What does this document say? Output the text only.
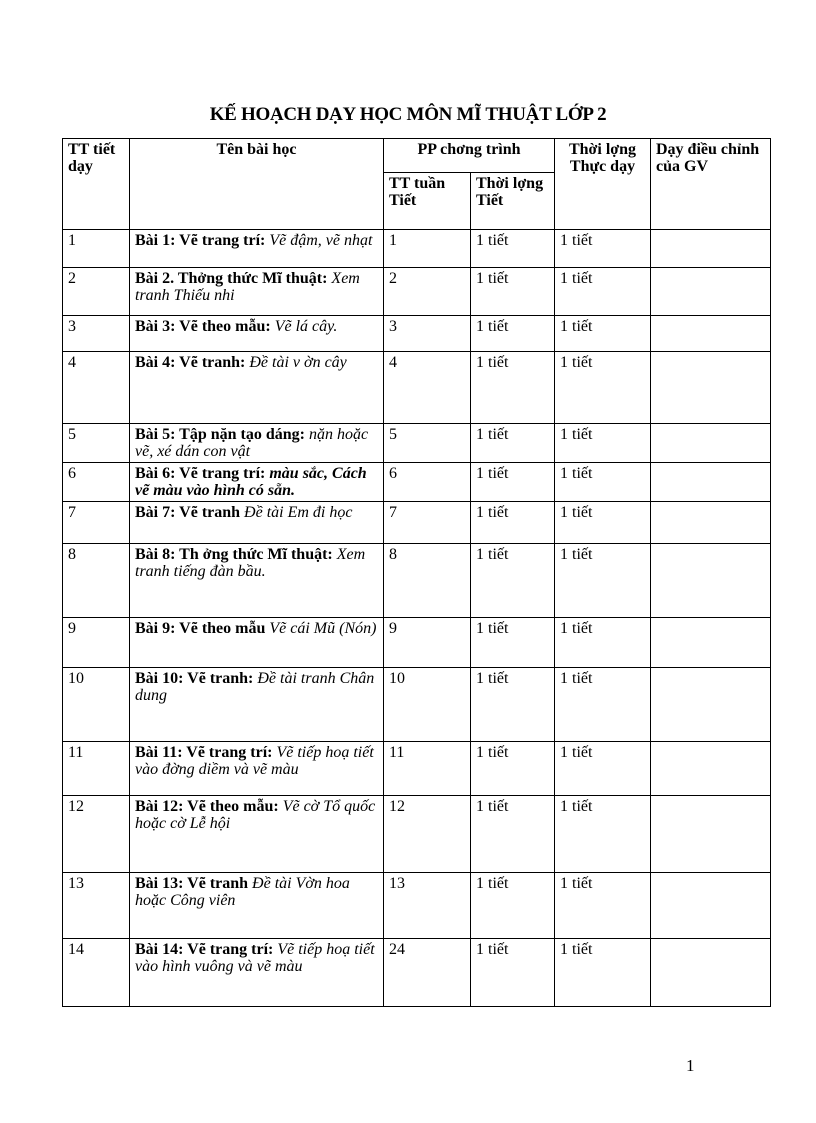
KẾ HOẠCH DẠY HỌC MÔN MĨ THUẬT LỚP 2
TT tiết dạy	Tên bài học	PP chơng trình		Thời lợng Thực dạy	Dạy điều chỉnh của GV
		TT tuần Tiết	Thời lợng Tiết		
1	Bài 1: Vẽ trang trí: Vẽ đậm, vẽ nhạt	1	1 tiết	1 tiết	
2	Bài 2. Thởng thức Mĩ thuật: Xem tranh Thiếu nhi	2	1 tiết	1 tiết	
3	Bài 3: Vẽ theo mẫu: Vẽ lá cây.	3	1 tiết	1 tiết	
4	Bài 4: Vẽ tranh: Đề tài v ờn cây	4	1 tiết	1 tiết	
5	Bài 5: Tập nặn tạo dáng: nặn hoặc vẽ, xé dán con vật	5	1 tiết	1 tiết	
6	Bài 6: Vẽ trang trí: màu sắc, Cách vẽ màu vào hình có sẵn.	6	1 tiết	1 tiết	
7	Bài 7: Vẽ tranh Đề tài Em đi học	7	1 tiết	1 tiết	
8	Bài 8: Th ởng thức Mĩ thuật: Xem tranh tiếng đàn bầu.	8	1 tiết	1 tiết	
9	Bài 9: Vẽ theo mẫu Vẽ cái Mũ (Nón)	9	1 tiết	1 tiết	
10	Bài 10: Vẽ tranh: Đề tài tranh Chân dung	10	1 tiết	1 tiết	
11	Bài 11: Vẽ trang trí: Vẽ tiếp hoạ tiết vào đờng diềm và vẽ màu	11	1 tiết	1 tiết	
12	Bài 12: Vẽ theo mẫu: Vẽ cờ Tổ quốc hoặc cờ Lễ hội	12	1 tiết	1 tiết	
13	Bài 13: Vẽ tranh Đề tài Vờn hoa hoặc Công viên	13	1 tiết	1 tiết	
14	Bài 14: Vẽ trang trí: Vẽ tiếp hoạ tiết vào hình vuông và vẽ màu	24	1 tiết	1 tiết	
1
